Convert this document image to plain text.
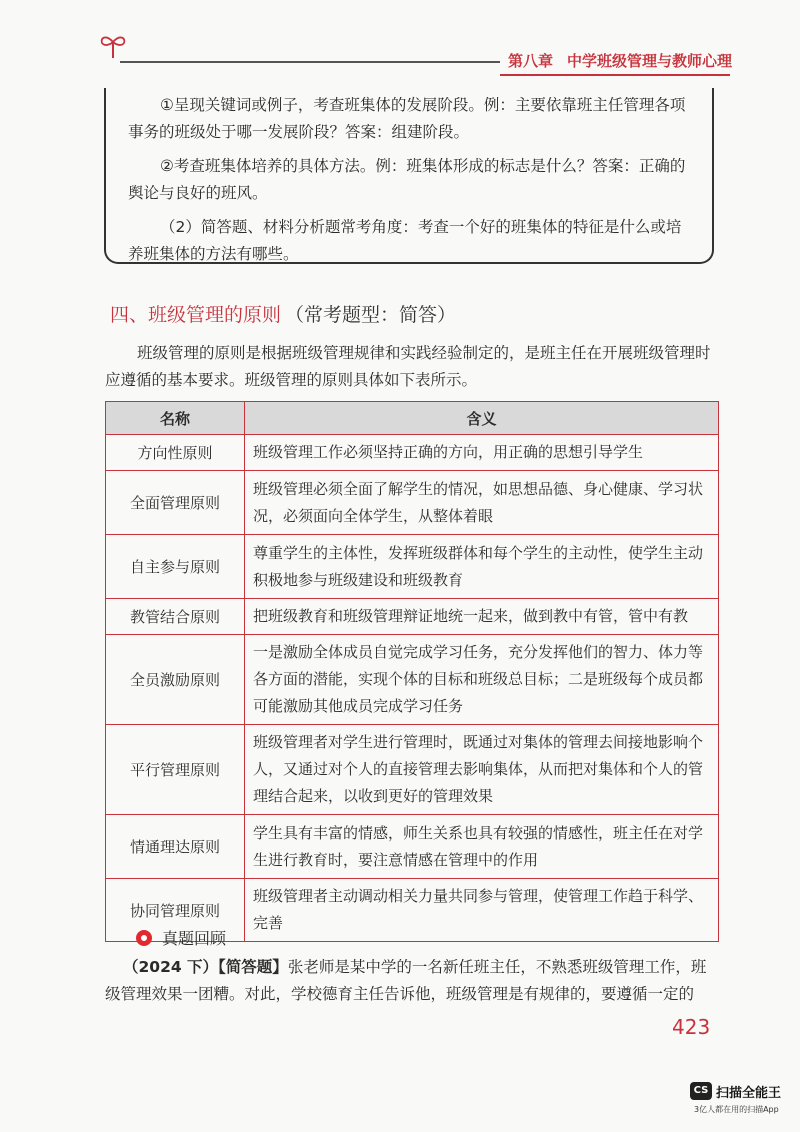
第八章 中学班级管理与教师心理

①呈现关键词或例子，考查班集体的发展阶段。例：主要依靠班主任管理各项事务的班级处于哪一发展阶段？答案：组建阶段。

②考查班集体培养的具体方法。例：班集体形成的标志是什么？答案：正确的舆论与良好的班风。

（2）简答题、材料分析题常考角度：考查一个好的班集体的特征是什么或培养班集体的方法有哪些。

四、班级管理的原则 （常考题型：简答）

班级管理的原则是根据班级管理规律和实践经验制定的，是班主任在开展班级管理时应遵循的基本要求。班级管理的原则具体如下表所示。

名称	含义
方向性原则	班级管理工作必须坚持正确的方向，用正确的思想引导学生
全面管理原则	班级管理必须全面了解学生的情况，如思想品德、身心健康、学习状况，必须面向全体学生，从整体着眼
自主参与原则	尊重学生的主体性，发挥班级群体和每个学生的主动性，使学生主动积极地参与班级建设和班级教育
教管结合原则	把班级教育和班级管理辩证地统一起来，做到教中有管，管中有教
全员激励原则	一是激励全体成员自觉完成学习任务，充分发挥他们的智力、体力等各方面的潜能，实现个体的目标和班级总目标；二是班级每个成员都可能激励其他成员完成学习任务
平行管理原则	班级管理者对学生进行管理时，既通过对集体的管理去间接地影响个人，又通过对个人的直接管理去影响集体，从而把对集体和个人的管理结合起来，以收到更好的管理效果
情通理达原则	学生具有丰富的情感，师生关系也具有较强的情感性，班主任在对学生进行教育时，要注意情感在管理中的作用
协同管理原则	班级管理者主动调动相关力量共同参与管理，使管理工作趋于科学、完善
真题回顾

（2024 下）【简答题】张老师是某中学的一名新任班主任，不熟悉班级管理工作，班级管理效果一团糟。对此，学校德育主任告诉他，班级管理是有规律的，要遵循一定的

423
CS 扫描全能王
3亿人都在用的扫描App
